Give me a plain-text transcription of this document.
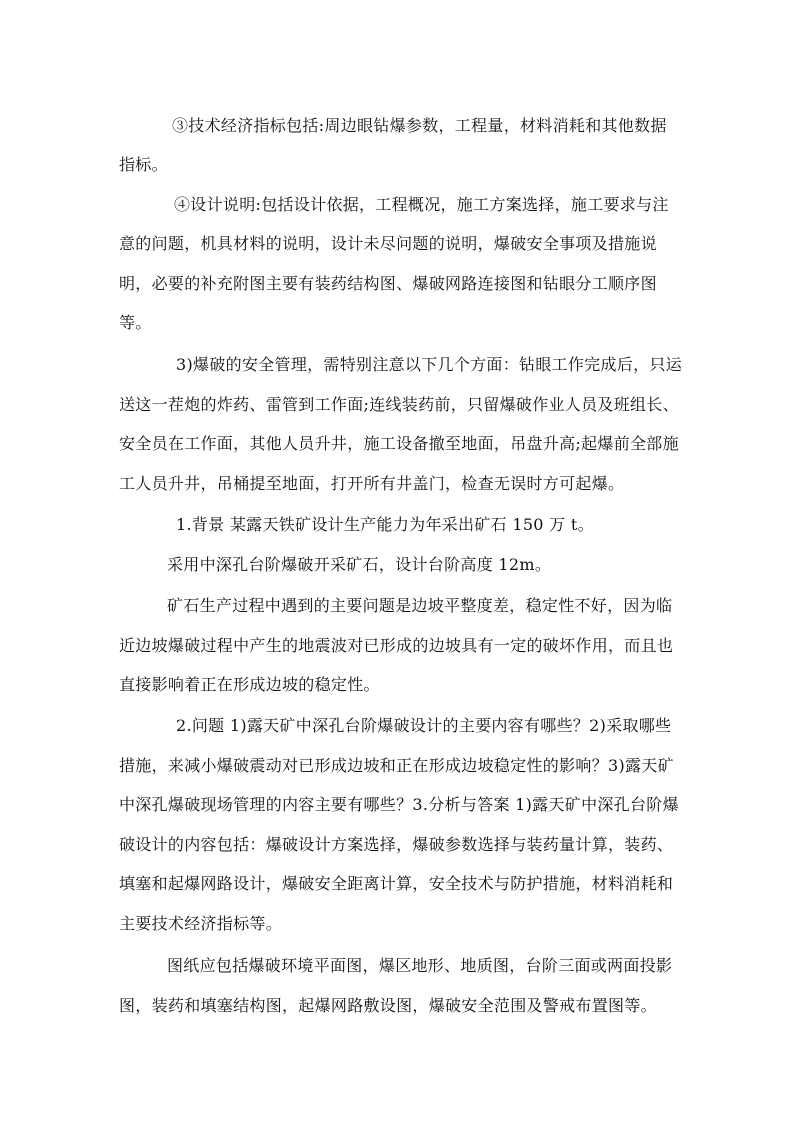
③技术经济指标包括:周边眼钻爆参数，工程量，材料消耗和其他数据
指标。
④设计说明:包括设计依据，工程概况，施工方案选择，施工要求与注
意的问题，机具材料的说明，设计未尽问题的说明，爆破安全事项及措施说
明，必要的补充附图主要有装药结构图、爆破网路连接图和钻眼分工顺序图
等。
3)爆破的安全管理，需特别注意以下几个方面：钻眼工作完成后，只运
送这一茬炮的炸药、雷管到工作面;连线装药前，只留爆破作业人员及班组长、
安全员在工作面，其他人员升井，施工设备撤至地面，吊盘升高;起爆前全部施
工人员升井，吊桶提至地面，打开所有井盖门，检查无误时方可起爆。
1.背景 某露天铁矿设计生产能力为年采出矿石 150 万 t。
采用中深孔台阶爆破开采矿石，设计台阶高度 12m。
矿石生产过程中遇到的主要问题是边坡平整度差，稳定性不好，因为临
近边坡爆破过程中产生的地震波对已形成的边坡具有一定的破坏作用，而且也
直接影响着正在形成边坡的稳定性。
2.问题 1)露天矿中深孔台阶爆破设计的主要内容有哪些？2)采取哪些
措施，来减小爆破震动对已形成边坡和正在形成边坡稳定性的影响？3)露天矿
中深孔爆破现场管理的内容主要有哪些？3.分析与答案 1)露天矿中深孔台阶爆
破设计的内容包括：爆破设计方案选择，爆破参数选择与装药量计算，装药、
填塞和起爆网路设计，爆破安全距离计算，安全技术与防护措施，材料消耗和
主要技术经济指标等。
图纸应包括爆破环境平面图，爆区地形、地质图，台阶三面或两面投影
图，装药和填塞结构图，起爆网路敷设图，爆破安全范围及警戒布置图等。
